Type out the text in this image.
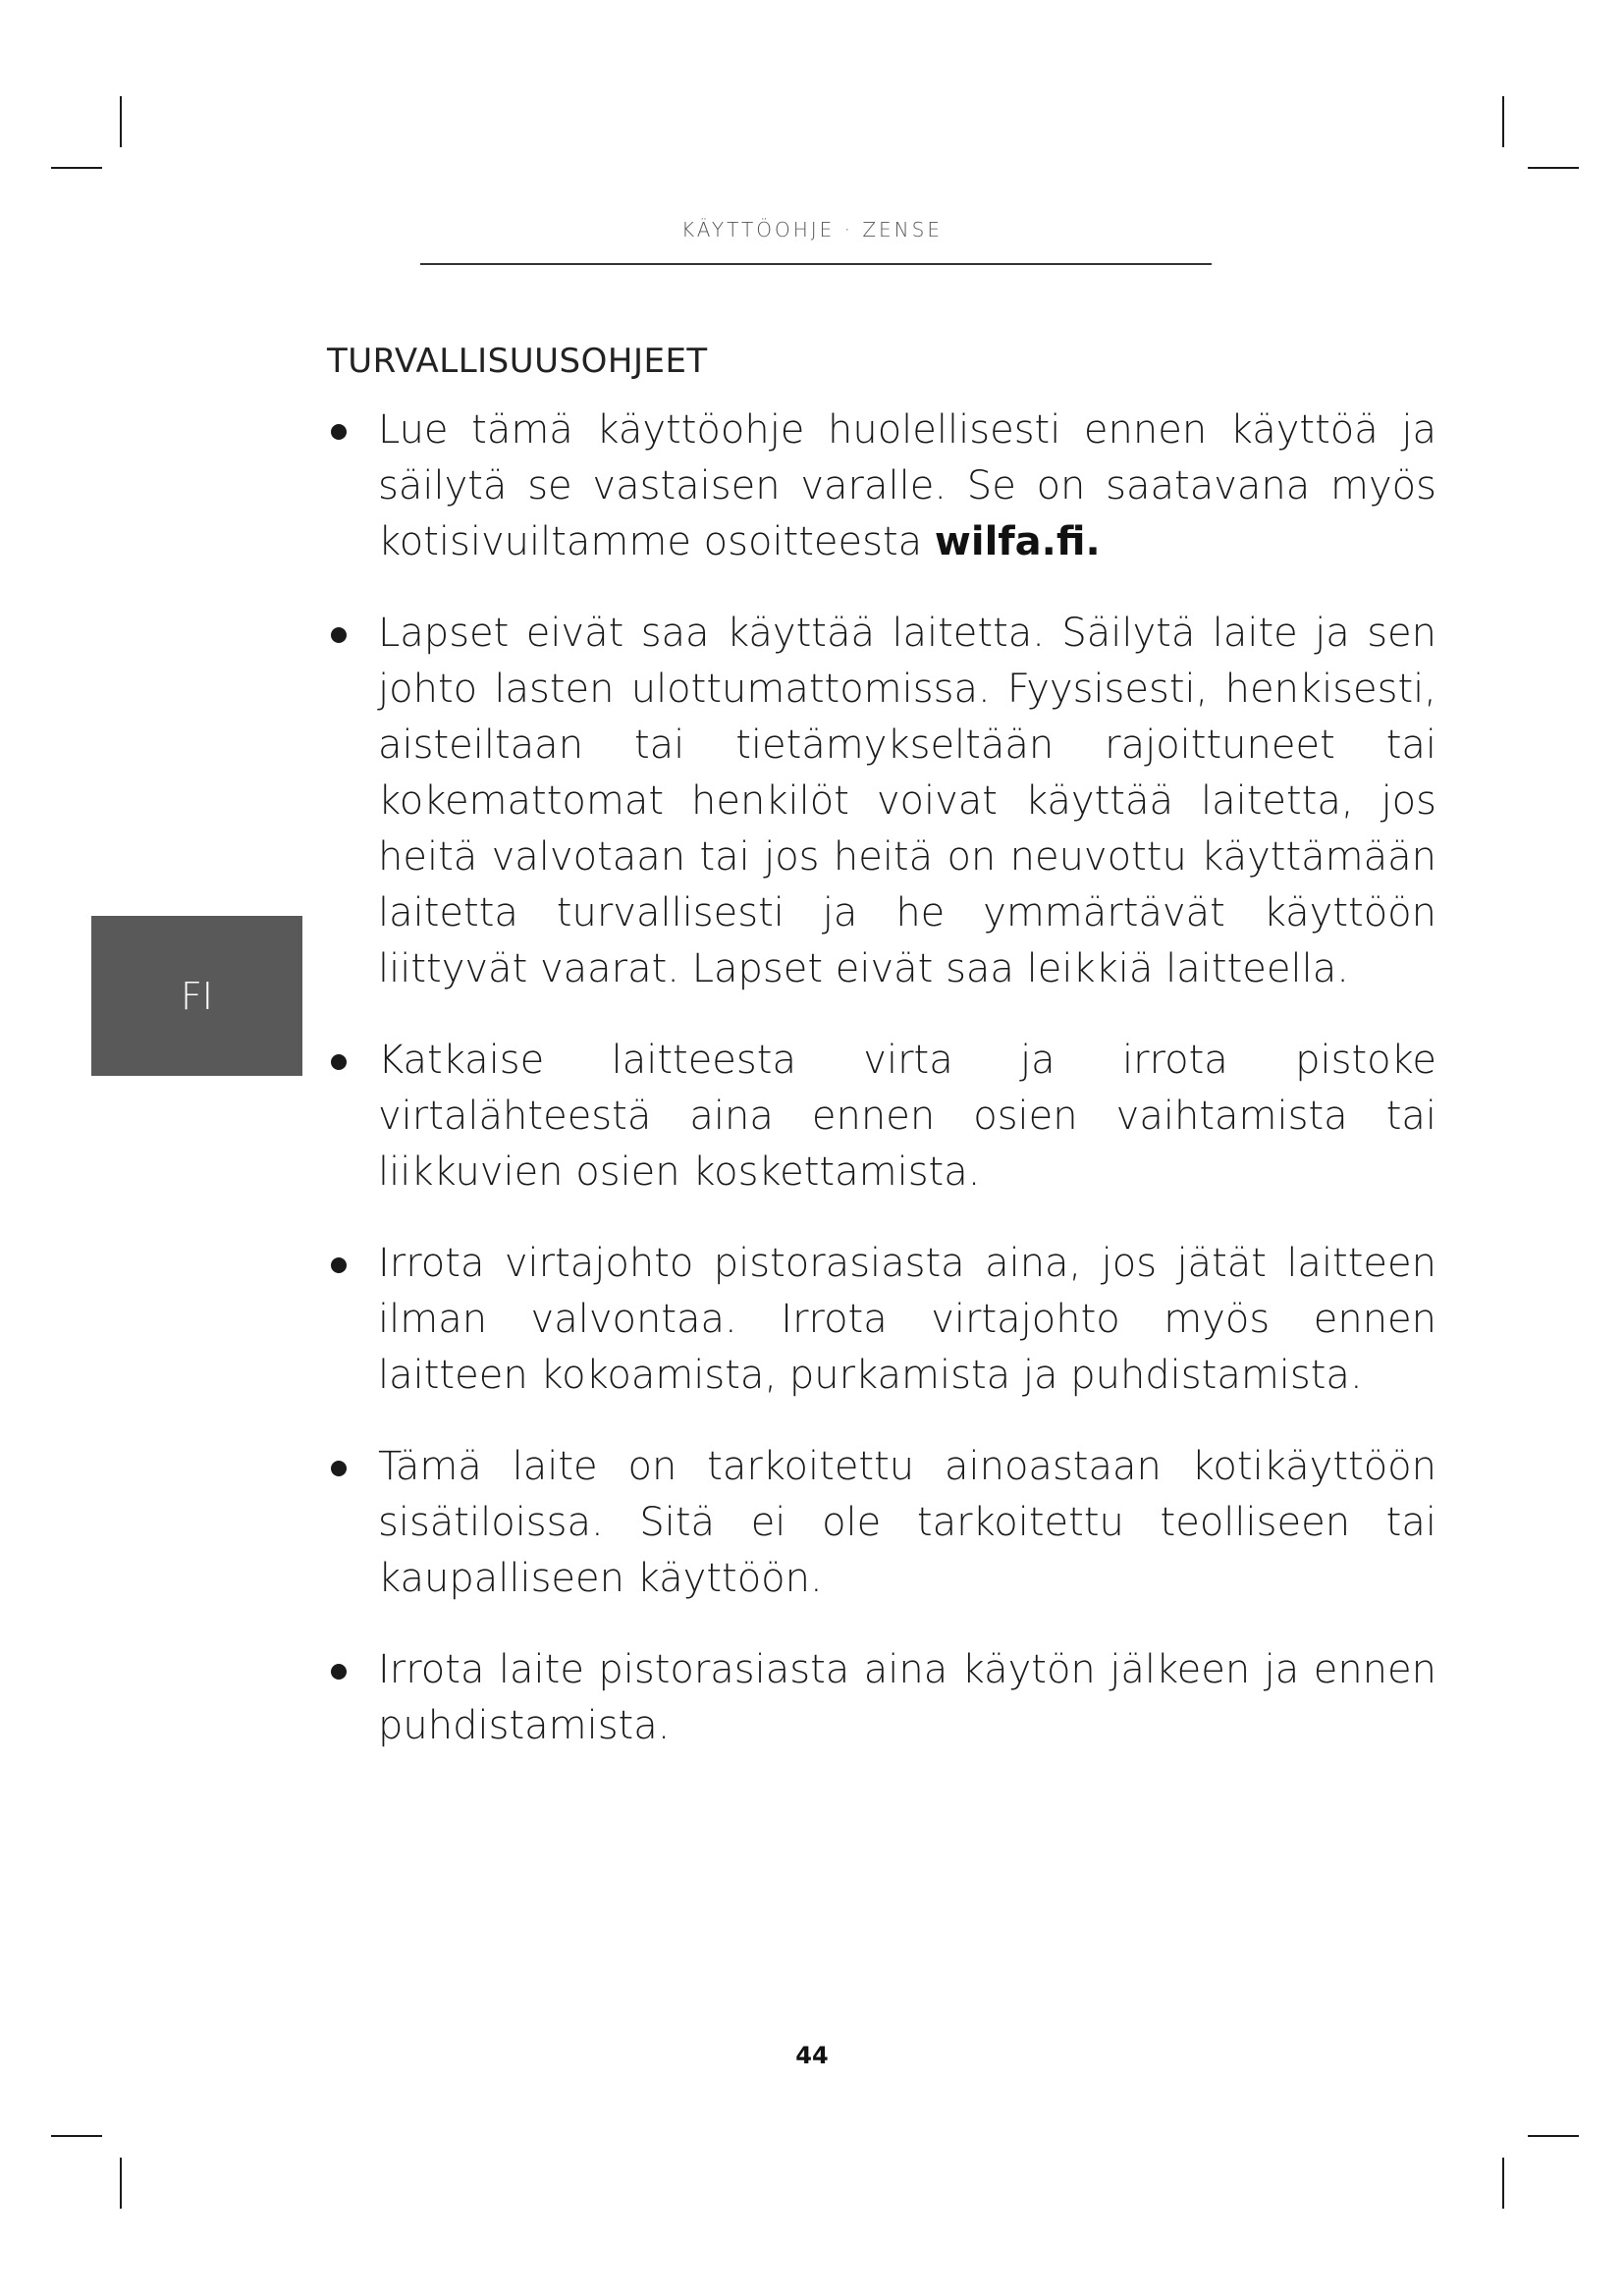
KÄYTTÖOHJE · ZENSE
TURVALLISUUSOHJEET
Lue tämä käyttöohje huolellisesti ennen käyttöä ja säilytä se vastaisen varalle. Se on saatavana myös kotisivuiltamme osoitteesta wilfa.fi.
Lapset eivät saa käyttää laitetta. Säilytä laite ja sen johto lasten ulottumattomissa. Fyysisesti, henkisesti, aisteiltaan tai tietämykseltään rajoittuneet tai kokemattomat henkilöt voivat käyttää laitetta, jos heitä valvotaan tai jos heitä on neuvottu käyttämään laitetta turvallisesti ja he ymmärtävät käyttöön liittyvät vaarat. Lapset eivät saa leikkiä laitteella.
Katkaise laitteesta virta ja irrota pistoke virtalähteestä aina ennen osien vaihtamista tai liikkuvien osien koskettamista.
Irrota virtajohto pistorasiasta aina, jos jätät laitteen ilman valvontaa. Irrota virtajohto myös ennen laitteen kokoamista, purkamista ja puhdistamista.
Tämä laite on tarkoitettu ainoastaan kotikäyttöön sisätiloissa. Sitä ei ole tarkoitettu teolliseen tai kaupalliseen käyttöön.
Irrota laite pistorasiasta aina käytön jälkeen ja ennen puhdistamista.
FI
44
